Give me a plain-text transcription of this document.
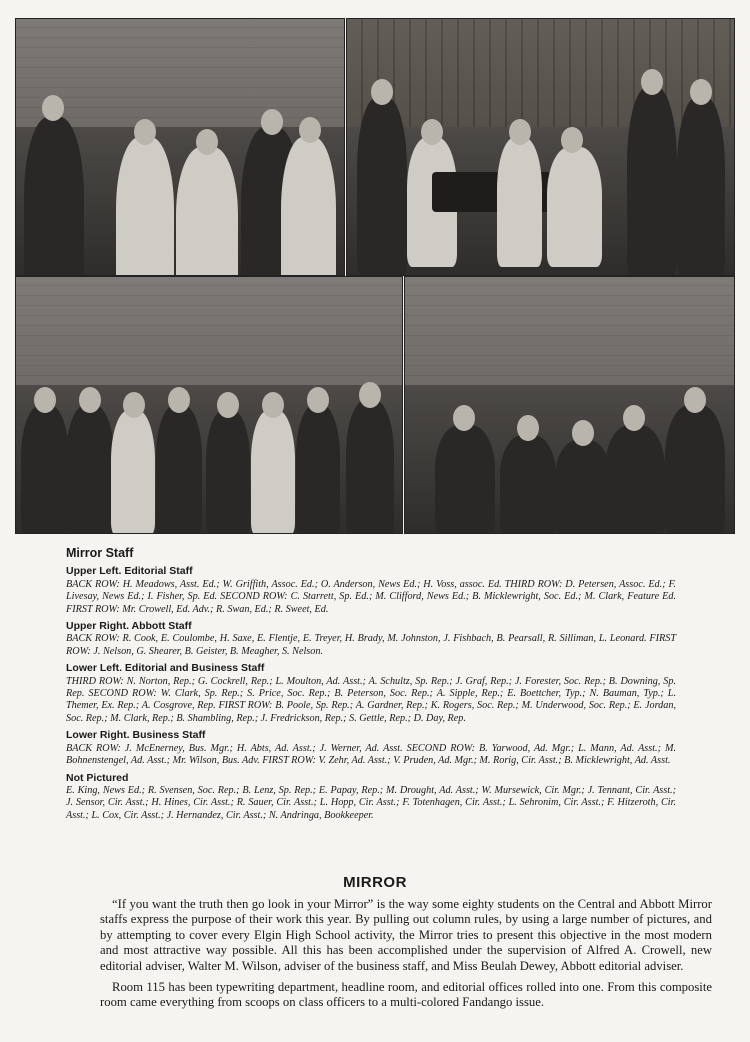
Mirror Staff
Upper Left. Editorial Staff
BACK ROW: H. Meadows, Asst. Ed.; W. Griffith, Assoc. Ed.; O. Anderson, News Ed.; H. Voss, assoc. Ed. THIRD ROW: D. Petersen, Assoc. Ed.; F. Livesay, News Ed.; I. Fisher, Sp. Ed. SECOND ROW: C. Starrett, Sp. Ed.; M. Clifford, News Ed.; B. Micklewright, Soc. Ed.; M. Clark, Feature Ed. FIRST ROW: Mr. Crowell, Ed. Adv.; R. Swan, Ed.; R. Sweet, Ed.
Upper Right. Abbott Staff
BACK ROW: R. Cook, E. Coulombe, H. Saxe, E. Flentje, E. Treyer, H. Brady, M. Johnston, J. Fishbach, B. Pearsall, R. Silliman, L. Leonard. FIRST ROW: J. Nelson, G. Shearer, B. Geister, B. Meagher, S. Nelson.
Lower Left. Editorial and Business Staff
THIRD ROW: N. Norton, Rep.; G. Cockrell, Rep.; L. Moulton, Ad. Asst.; A. Schultz, Sp. Rep.; J. Graf, Rep.; J. Forester, Soc. Rep.; B. Downing, Sp. Rep. SECOND ROW: W. Clark, Sp. Rep.; S. Price, Soc. Rep.; B. Peterson, Soc. Rep.; A. Sipple, Rep.; E. Boettcher, Typ.; N. Bauman, Typ.; L. Themer, Ex. Rep.; A. Cosgrove, Rep. FIRST ROW: B. Poole, Sp. Rep.; A. Gardner, Rep.; K. Rogers, Soc. Rep.; M. Underwood, Soc. Rep.; E. Jordan, Soc. Rep.; M. Clark, Rep.; B. Shambling, Rep.; J. Fredrickson, Rep.; S. Gettle, Rep.; D. Day, Rep.
Lower Right. Business Staff
BACK ROW: J. McEnerney, Bus. Mgr.; H. Abts, Ad. Asst.; J. Werner, Ad. Asst. SECOND ROW: B. Yarwood, Ad. Mgr.; L. Mann, Ad. Asst.; M. Bohnenstengel, Ad. Asst.; Mr. Wilson, Bus. Adv. FIRST ROW: V. Zehr, Ad. Asst.; V. Pruden, Ad. Mgr.; M. Rorig, Cir. Asst.; B. Micklewright, Ad. Asst.
Not Pictured
E. King, News Ed.; R. Svensen, Soc. Rep.; B. Lenz, Sp. Rep.; E. Papay, Rep.; M. Drought, Ad. Asst.; W. Mursewick, Cir. Mgr.; J. Tennant, Cir. Asst.; J. Sensor, Cir. Asst.; H. Hines, Cir. Asst.; R. Sauer, Cir. Asst.; L. Hopp, Cir. Asst.; F. Totenhagen, Cir. Asst.; L. Sehronim, Cir. Asst.; F. Hitzeroth, Cir. Asst.; L. Cox, Cir. Asst.; J. Hernandez, Cir. Asst.; N. Andringa, Bookkeeper.
MIRROR

“If you want the truth then go look in your Mirror” is the way some eighty students on the Central and Abbott Mirror staffs express the purpose of their work this year. By pulling out column rules, by using a large number of pictures, and by attempting to cover every Elgin High School activity, the Mirror tries to present this objective in the most modern and most attractive way possible. All this has been accomplished under the supervision of Alfred A. Crowell, new editorial adviser, Walter M. Wilson, adviser of the business staff, and Miss Beulah Dewey, Abbott editorial adviser.

Room 115 has been typewriting department, headline room, and editorial offices rolled into one. From this composite room came everything from scoops on class officers to a multi-colored Fandango issue.
